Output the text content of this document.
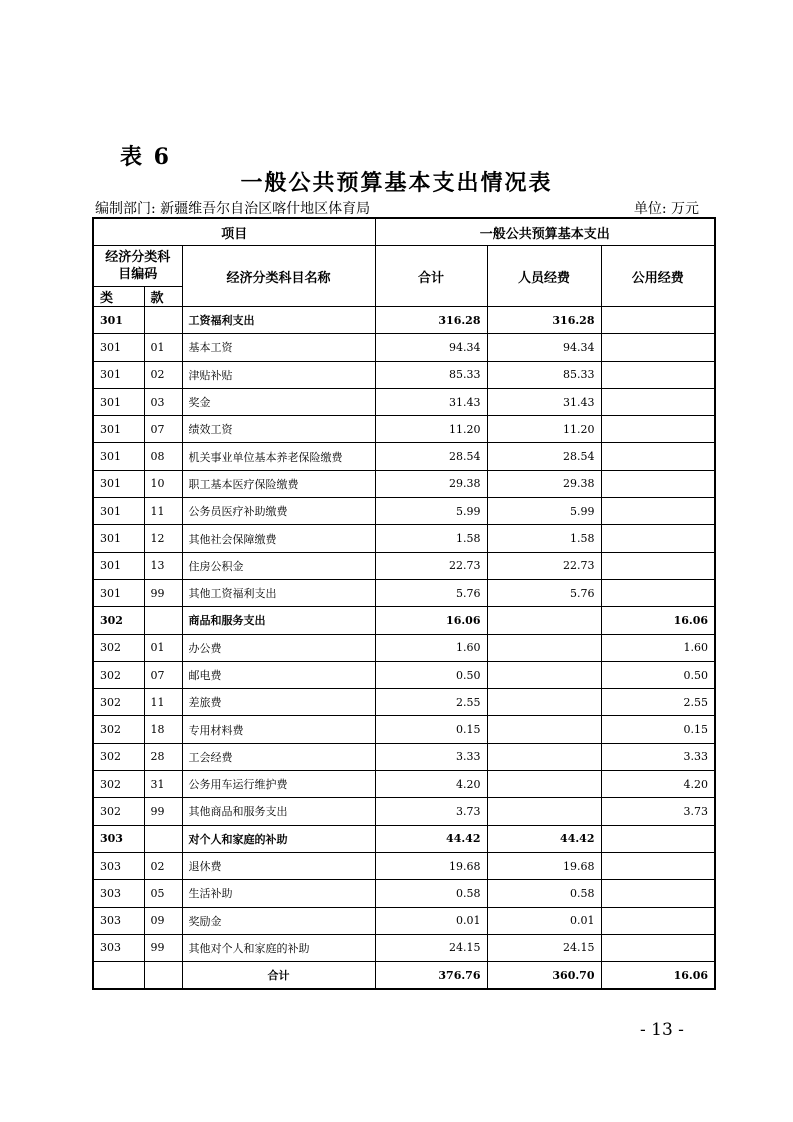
表 6
一般公共预算基本支出情况表
编制部门: 新疆维吾尔自治区喀什地区体育局	单位: 万元
项目			一般公共预算基本支出		
经济分类科目编码		经济分类科目名称	合计	人员经费	公用经费
类	款				
301		工资福利支出	316.28	316.28	
301	01	基本工资	94.34	94.34	
301	02	津贴补贴	85.33	85.33	
301	03	奖金	31.43	31.43	
301	07	绩效工资	11.20	11.20	
301	08	机关事业单位基本养老保险缴费	28.54	28.54	
301	10	职工基本医疗保险缴费	29.38	29.38	
301	11	公务员医疗补助缴费	5.99	5.99	
301	12	其他社会保障缴费	1.58	1.58	
301	13	住房公积金	22.73	22.73	
301	99	其他工资福利支出	5.76	5.76	
302		商品和服务支出	16.06		16.06
302	01	办公费	1.60		1.60
302	07	邮电费	0.50		0.50
302	11	差旅费	2.55		2.55
302	18	专用材料费	0.15		0.15
302	28	工会经费	3.33		3.33
302	31	公务用车运行维护费	4.20		4.20
302	99	其他商品和服务支出	3.73		3.73
303		对个人和家庭的补助	44.42	44.42	
303	02	退休费	19.68	19.68	
303	05	生活补助	0.58	0.58	
303	09	奖励金	0.01	0.01	
303	99	其他对个人和家庭的补助	24.15	24.15	
		合计	376.76	360.70	16.06
- 13 -
